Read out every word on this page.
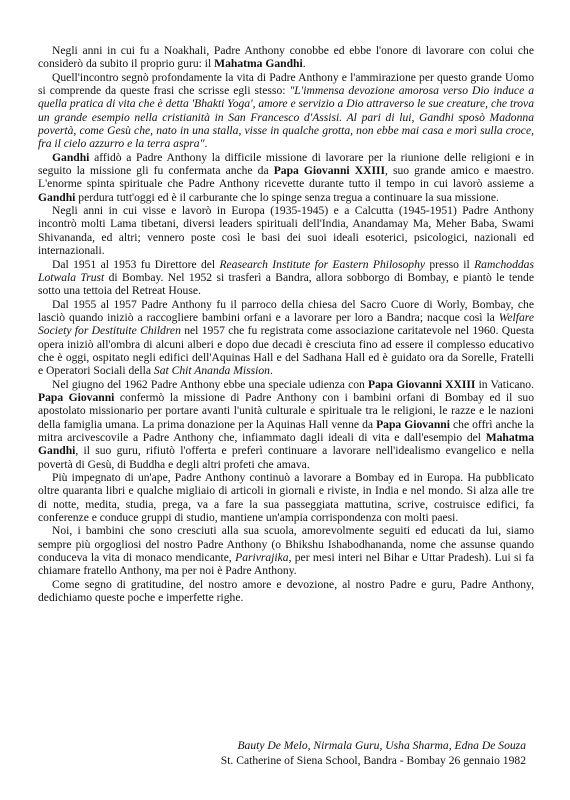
Negli anni in cui fu a Noakhali, Padre Anthony conobbe ed ebbe l'onore di lavorare con colui che considerò da subito il proprio guru: il Mahatma Gandhi.

Quell'incontro segnò profondamente la vita di Padre Anthony e l'ammirazione per questo grande Uomo si comprende da queste frasi che scrisse egli stesso: "L'immensa devozione amorosa verso Dio induce a quella pratica di vita che è detta 'Bhakti Yoga', amore e servizio a Dio attraverso le sue creature, che trova un grande esempio nella cristianità in San Francesco d'Assisi. Al pari di lui, Gandhi sposò Madonna povertà, come Gesù che, nato in una stalla, visse in qualche grotta, non ebbe mai casa e morì sulla croce, fra il cielo azzurro e la terra aspra".

Gandhi affidò a Padre Anthony la difficile missione di lavorare per la riunione delle religioni e in seguito la missione gli fu confermata anche da Papa Giovanni XXIII, suo grande amico e maestro. L'enorme spinta spirituale che Padre Anthony ricevette durante tutto il tempo in cui lavorò assieme a Gandhi perdura tutt'oggi ed è il carburante che lo spinge senza tregua a continuare la sua missione.

Negli anni in cui visse e lavorò in Europa (1935-1945) e a Calcutta (1945-1951) Padre Anthony incontrò molti Lama tibetani, diversi leaders spirituali dell'India, Anandamay Ma, Meher Baba, Swami Shivananda, ed altri; vennero poste così le basi dei suoi ideali esoterici, psicologici, nazionali ed internazionali.

Dal 1951 al 1953 fu Direttore del Reasearch Institute for Eastern Philosophy presso il Ramchoddas Lotwala Trust di Bombay. Nel 1952 si trasferì a Bandra, allora sobborgo di Bombay, e piantò le tende sotto una tettoia del Retreat House.

Dal 1955 al 1957 Padre Anthony fu il parroco della chiesa del Sacro Cuore di Worly, Bombay, che lasciò quando iniziò a raccogliere bambini orfani e a lavorare per loro a Bandra; nacque così la Welfare Society for Destituite Children nel 1957 che fu registrata come associazione caritatevole nel 1960. Questa opera iniziò all'ombra di alcuni alberi e dopo due decadi è cresciuta fino ad essere il complesso educativo che è oggi, ospitato negli edifici dell'Aquinas Hall e del Sadhana Hall ed è guidato ora da Sorelle, Fratelli e Operatori Sociali della Sat Chit Ananda Mission.

Nel giugno del 1962 Padre Anthony ebbe una speciale udienza con Papa Giovanni XXIII in Vaticano. Papa Giovanni confermò la missione di Padre Anthony con i bambini orfani di Bombay ed il suo apostolato missionario per portare avanti l'unità culturale e spirituale tra le religioni, le razze e le nazioni della famiglia umana. La prima donazione per la Aquinas Hall venne da Papa Giovanni che offrì anche la mitra arcivescovile a Padre Anthony che, infiammato dagli ideali di vita e dall'esempio del Mahatma Gandhi, il suo guru, rifiutò l'offerta e preferì continuare a lavorare nell'idealismo evangelico e nella povertà di Gesù, di Buddha e degli altri profeti che amava.

Più impegnato di un'ape, Padre Anthony continuò a lavorare a Bombay ed in Europa. Ha pubblicato oltre quaranta libri e qualche migliaio di articoli in giornali e riviste, in India e nel mondo. Si alza alle tre di notte, medita, studia, prega, va a fare la sua passeggiata mattutina, scrive, costruisce edifici, fa conferenze e conduce gruppi di studio, mantiene un'ampia corrispondenza con molti paesi.

Noi, i bambini che sono cresciuti alla sua scuola, amorevolmente seguiti ed educati da lui, siamo sempre più orgogliosi del nostro Padre Anthony (o Bhikshu Ishabodhananda, nome che assunse quando conduceva la vita di monaco mendicante, Parivrajika, per mesi interi nel Bihar e Uttar Pradesh). Lui si fa chiamare fratello Anthony, ma per noi è Padre Anthony.

Come segno di gratitudine, del nostro amore e devozione, al nostro Padre e guru, Padre Anthony, dedichiamo queste poche e imperfette righe.

Bauty De Melo, Nirmala Guru, Usha Sharma, Edna De Souza
St. Catherine of Siena School, Bandra - Bombay 26 gennaio 1982
